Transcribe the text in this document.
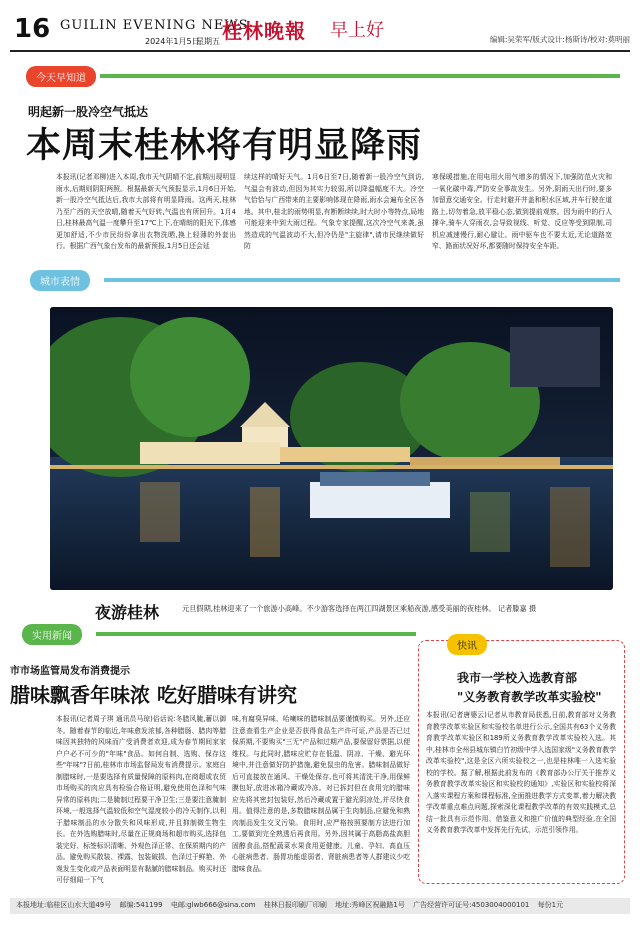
16 GUILIN EVENING NEWS
2024年1月5日
星期五 桂林晚報 早上好	编辑:吴荣军/版式设计:杨斯诗/校对:莫明丽
今天早知道
明起新一股冷空气抵达
本周末桂林将有明显降雨
本报讯(记者邓柳)进入本周,我市天气阴晴不定,前期出现明显雨水,后期则阴阳两照。根据最新天气预报显示,1月6日开始,新一股冷空气抵达后,我市大部将有明显降雨。这两天,桂林乃至广西的天空放晴,随着天气好转,气温也有所回升。1月4日,桂林最高气温一度攀升至17℃上下,在晴朗的阳光下,体感更加舒适,不少市民纷纷拿出衣物洗晒,换上轻薄的外套出行。根据广西气象台发布的最新预报,1月5日还会延
续这样的晴好天气。1月6日至7日,随着新一股冷空气到访,气温会有波动,但因为其实力较弱,所以降温幅度不大。冷空气恰恰与广西带来的主要影响体现在降雨,雨水会遍布全区各地。其中,桂北的雨势明显,有断断续续,时大时小等特点,局地可能迎来中到大雨过程。气象专家提醒,这次冷空气来袭,虽然造成的气温波动不大,但冷仍是"主旋律",请市民继续做好防
寒保暖措施,在用电用火用气增多的情况下,加强防范火灾和一氧化碳中毒,严防安全事故发生。另外,阴雨天出行时,要多加留意交通安全。行走时避开井盖和积水区域,并车行驶在道路上,切勿着急,放平稳心态,做到提前观察。因为雨中的行人撑伞,骑车人穿雨衣,会导致视线、听觉、反应等受到限制,司机应减速慢行,耐心避让。雨中驱车也不要太近,无论道路宽窄、路面状况好坏,都要随时保持安全车距。
城市表情
夜游桂林	元旦假期,桂林迎来了一个旅游小高峰。不少游客选择在两江四湖景区乘船夜游,感受美丽的夜桂林。 记者滕嘉 摄
实用新闻
市市场监管局发布消费提示
腊味飘香年味浓 吃好腊味有讲究
本报讯(记者周子琪 通讯员马琼)俗话说:冬腊风腌,蓄以御冬。随着春节的临近,年味愈发浓郁,各种腊肠、腊肉等腊味因其独特的风味而广受消费者欢迎,成为春节期间家家户户必不可少的"年味"食品。如何自制、选购、保存这些"年味"?日前,桂林市市场监督局发布消费提示。家庭自制腊味时,一是要选择有质量保障的原料肉,在商超或农贸市场购买的肉应具有检验合格证明,避免使用色泽和气味异常的原料肉;二是腌制过程要干净卫生;三是要注意腌制环境,一般选择气温较低和空气湿度较小的冷天制作,以利于腊味制品的水分散失和风味形成,并且抑制微生物生长。在外选购腊味时,尽量在正规商场和超市购买,选择包装完好、标签标识清晰、外观色泽正常、在保质期内的产品。避免购买散装、裸露、包装破损、色泽过于鲜艳、外观发生变化或产品表面明显有黏腻的腊味制品。购买时还可仔细闻一下气
味,有腐臭异味、哈喇味的腊味制品要谨慎购买。另外,还应注意查看生产企业是否获得食品生产许可证,产品是否已过保质期,不要购买"三无"产品和过期产品,要保留好票据,以便维权。与此同时,腊味应贮存在低温、阴凉、干燥、避光环境中,并注意做好防护措施,避免鼠虫的危害。腊味制品做好后可直接放在通风、干燥处保存,也可将其清洗干净,用保鲜膜包好,放进冰箱冷藏或冷冻。对已拆封但在食用完的腊味应先将其密封包装好,然后冷藏或置于避光阴凉处,并尽快食用。值得注意的是,多数腊味制品属于生肉制品,应避免和熟肉制品发生交叉污染。食用时,应严格按照要制方法进行加工,要做到完全熟透后再食用。另外,因其属于高脂高盐高胆固醇食品,搭配蔬菜水果食用更健康。儿童、孕妇、高血压心脏病患者、肠胃功能虚弱者、肾脏病患者等人群建议少吃腊味食品。
快讯
我市一学校入选教育部
"义务教育教学改革实验校"
本报讯(记者唐婆云)记者从市教育局获悉,日前,教育部对义务教育教学改革实验区和实验校名单进行公示,全国共有63个义务教育教学改革实验区和189所义务教育教学改革实验校入选。其中,桂林市全州县城东镇白竹初级中学入选国家级"义务教育教学改革实验校",这是全区六所实验校之一,也是桂林唯一入选实验校的学校。据了解,根据此前发布的《教育部办公厅关于推荐义务教育教学改革实验区和实验校的通知》,实验区和实验校将深入落实课程方案和课程标准,全面推进教学方式变革,着力解决教学改革重点难点问题,探索深化课程教学改革的有效实践模式,总结一批具有示范作用、借鉴意义和推广价值的典型经验,在全国义务教育教学改革中发挥先行先试、示范引领作用。
本报地址:临桂区山水大道49号 邮编:541199 电邮:glwb666@sina.com 桂林日报印刷厂印刷 地址:秀峰区祝融路1号 广告经营许可证号:4503004000101 每份1元
